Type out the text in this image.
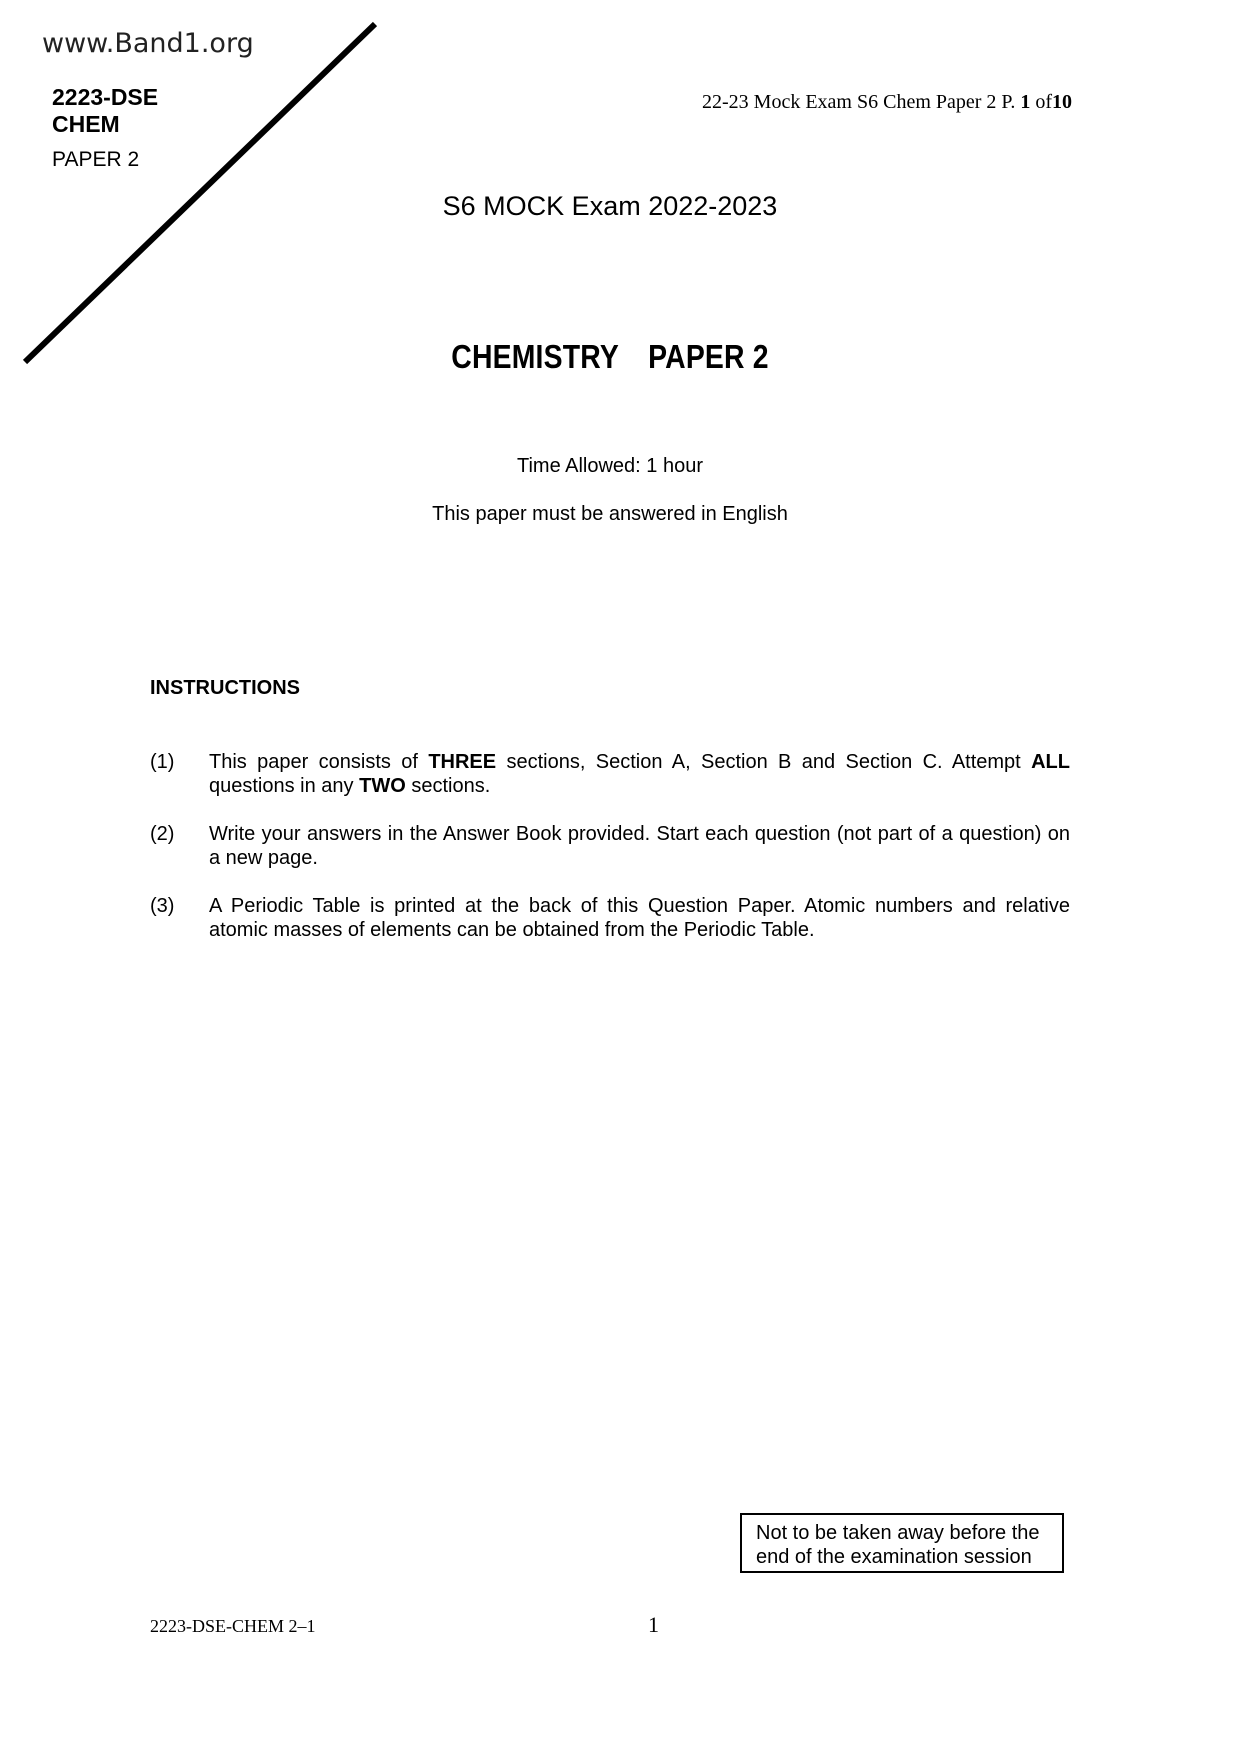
www.Band1.org
2223-DSE
CHEM
PAPER 2
22-23 Mock Exam S6 Chem Paper 2 P. 1 of10
S6 MOCK Exam 2022-2023
CHEMISTRY PAPER 2
Time Allowed: 1 hour
This paper must be answered in English
INSTRUCTIONS
(1) This paper consists of THREE sections, Section A, Section B and Section C. Attempt ALL questions in any TWO sections.
(2) Write your answers in the Answer Book provided. Start each question (not part of a question) on a new page.
(3) A Periodic Table is printed at the back of this Question Paper. Atomic numbers and relative atomic masses of elements can be obtained from the Periodic Table.
Not to be taken away before the
end of the examination session
2223-DSE-CHEM 2–1	1
